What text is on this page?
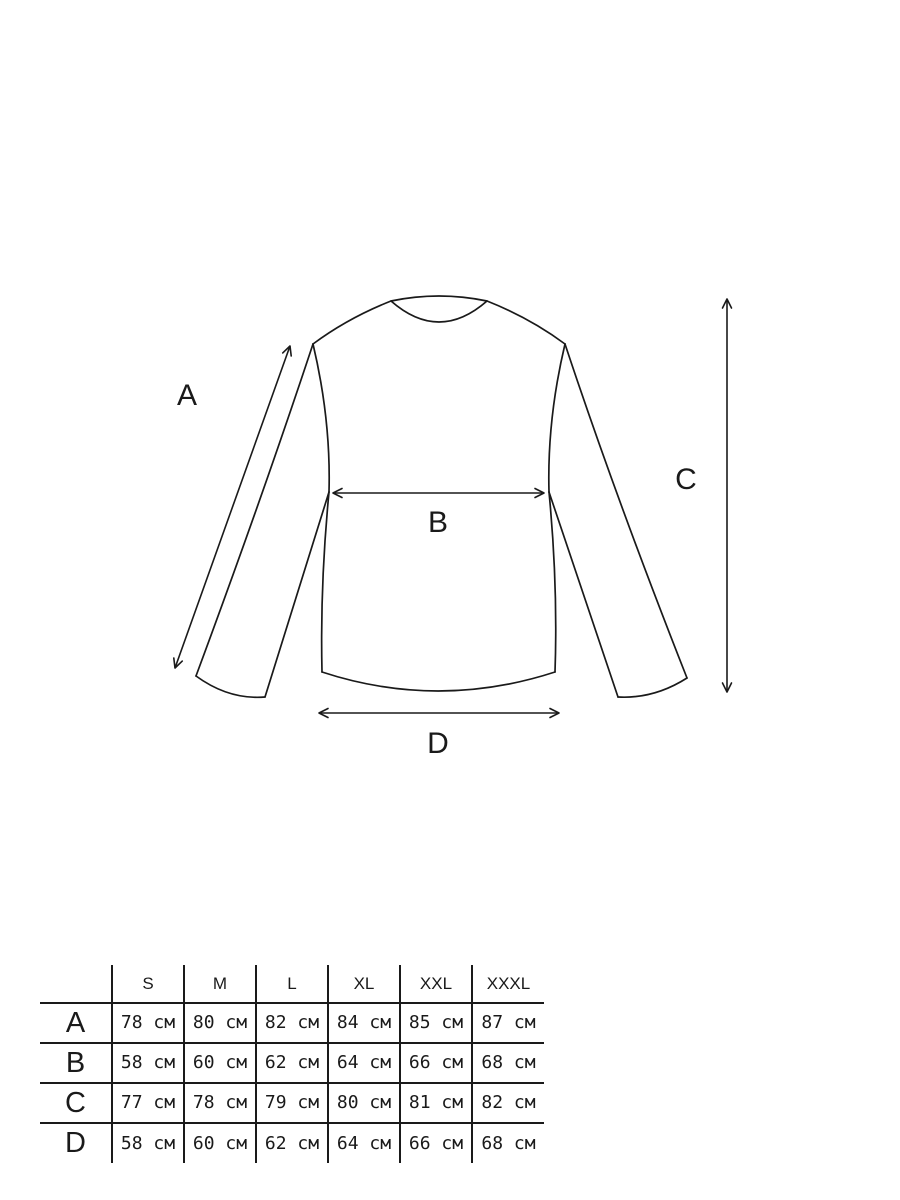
A
B
C
D
	S	M	L	XL	XXL	XXXL
A	78 см	80 см	82 см	84 см	85 см	87 см
B	58 см	60 см	62 см	64 см	66 см	68 см
C	77 см	78 см	79 см	80 см	81 см	82 см
D	58 см	60 см	62 см	64 см	66 см	68 см
